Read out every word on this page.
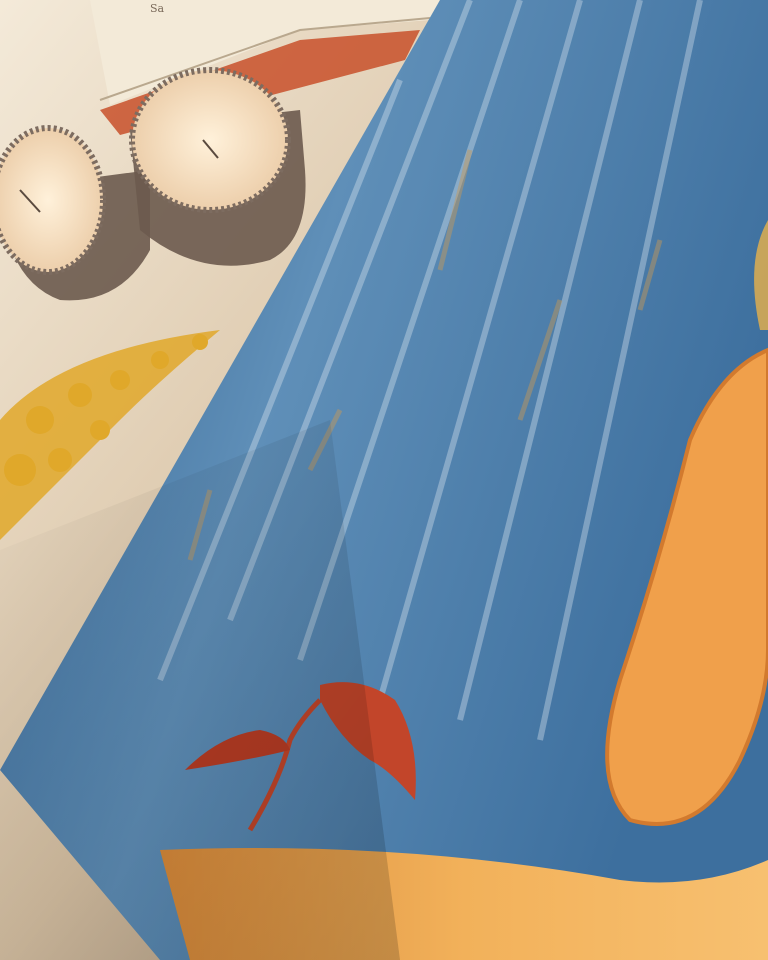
Sa
